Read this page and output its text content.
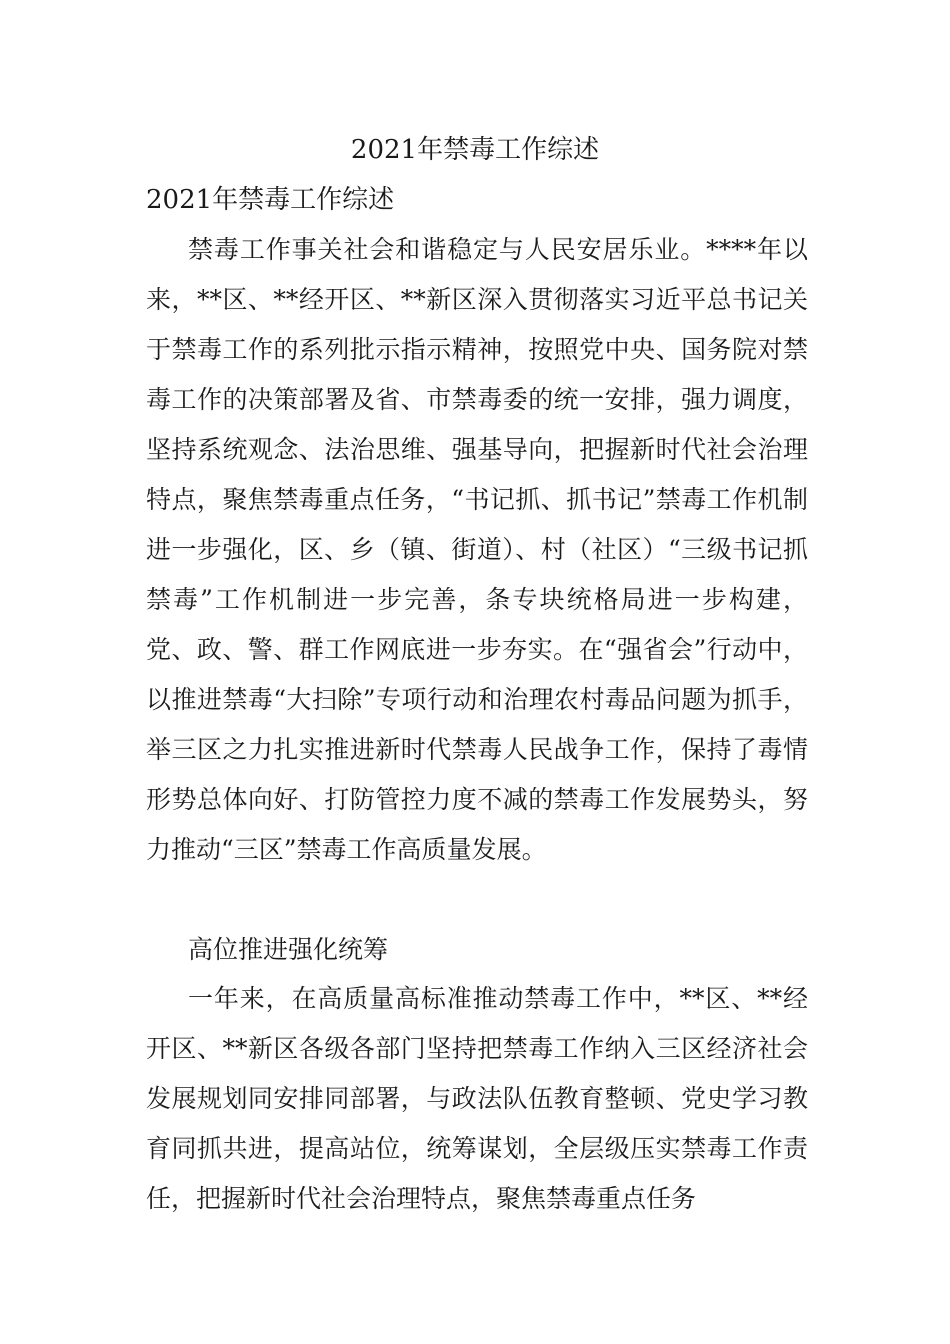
2021年禁毒工作综述
2021年禁毒工作综述

禁毒工作事关社会和谐稳定与人民安居乐业。****年以来，**区、**经开区、**新区深入贯彻落实习近平总书记关于禁毒工作的系列批示指示精神，按照党中央、国务院对禁毒工作的决策部署及省、市禁毒委的统一安排，强力调度，坚持系统观念、法治思维、强基导向，把握新时代社会治理特点，聚焦禁毒重点任务，“书记抓、抓书记”禁毒工作机制进一步强化，区、乡（镇、街道）、村（社区）“三级书记抓禁毒”工作机制进一步完善，条专块统格局进一步构建，党、政、警、群工作网底进一步夯实。在“强省会”行动中，以推进禁毒“大扫除”专项行动和治理农村毒品问题为抓手，举三区之力扎实推进新时代禁毒人民战争工作，保持了毒情形势总体向好、打防管控力度不减的禁毒工作发展势头，努力推动“三区”禁毒工作高质量发展。

高位推进强化统筹

一年来，在高质量高标准推动禁毒工作中，**区、**经开区、**新区各级各部门坚持把禁毒工作纳入三区经济社会发展规划同安排同部署，与政法队伍教育整顿、党史学习教育同抓共进，提高站位，统筹谋划，全层级压实禁毒工作责任，把握新时代社会治理特点，聚焦禁毒重点任务
